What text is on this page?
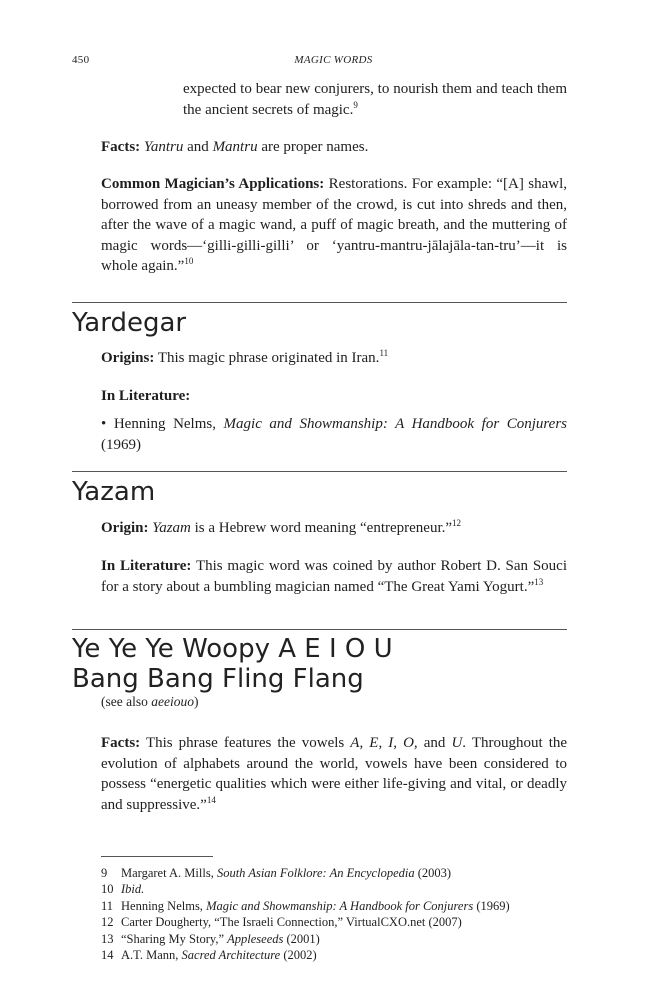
450	MAGIC WORDS
expected to bear new conjurers, to nourish them and teach them the ancient secrets of magic.$^9$
Facts: Yantru and Mantru are proper names.
Common Magician’s Applications: Restorations. For example: “[A] shawl, borrowed from an uneasy member of the crowd, is cut into shreds and then, after the wave of a magic wand, a puff of magic breath, and the muttering of magic words—‘gilli-gilli-gilli’ or ‘yantru-mantru-jālajāla-tan-tru’—it is whole again.”$^{10}$
Yardegar
Origins: This magic phrase originated in Iran.$^{11}$
In Literature:
• Henning Nelms, Magic and Showmanship: A Handbook for Conjurers (1969)
Yazam
Origin: Yazam is a Hebrew word meaning “entrepreneur.”$^{12}$
In Literature: This magic word was coined by author Robert D. San Souci for a story about a bumbling magician named “The Great Yami Yogurt.”$^{13}$
Ye Ye Ye Woopy A E I O U
Bang Bang Fling Flang
(see also aeeiouo)
Facts: This phrase features the vowels A, E, I, O, and U. Throughout the evolution of alphabets around the world, vowels have been considered to possess “energetic qualities which were either life-giving and vital, or deadly and suppressive.”$^{14}$
9 Margaret A. Mills, South Asian Folklore: An Encyclopedia (2003)
10 Ibid.
11 Henning Nelms, Magic and Showmanship: A Handbook for Conjurers (1969)
12 Carter Dougherty, “The Israeli Connection,” VirtualCXO.net (2007)
13 “Sharing My Story,” Appleseeds (2001)
14 A.T. Mann, Sacred Architecture (2002)
